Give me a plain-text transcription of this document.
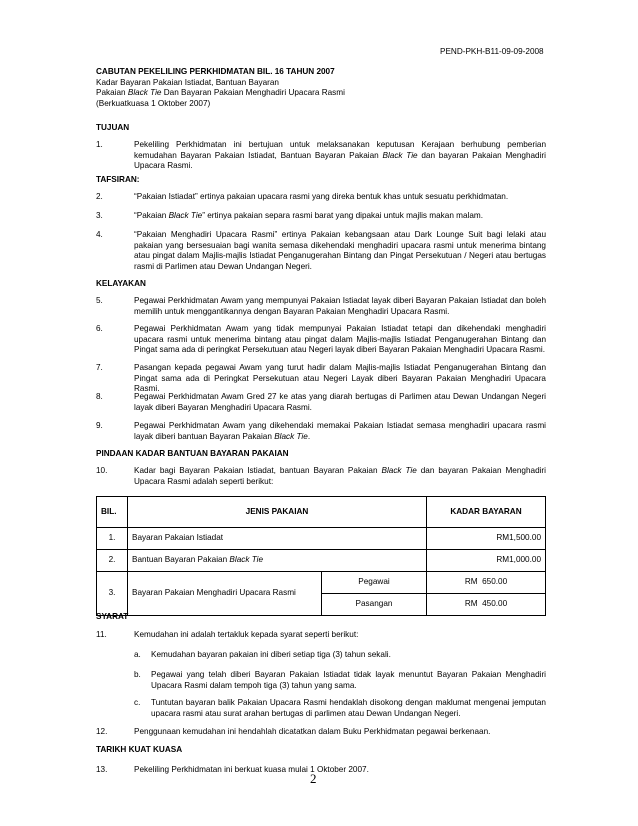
PEND-PKH-B11-09-09-2008
CABUTAN PEKELILING PERKHIDMATAN BIL. 16 TAHUN 2007
Kadar Bayaran Pakaian Istiadat, Bantuan Bayaran
Pakaian Black Tie Dan Bayaran Pakaian Menghadiri Upacara Rasmi
(Berkuatkuasa 1 Oktober 2007)
TUJUAN
1.	Pekeliling Perkhidmatan ini bertujuan untuk melaksanakan keputusan Kerajaan berhubung pemberian kemudahan Bayaran Pakaian Istiadat, Bantuan Bayaran Pakaian Black Tie dan bayaran Pakaian Menghadiri Upacara Rasmi.
TAFSIRAN:
2.	“Pakaian Istiadat” ertinya pakaian upacara rasmi yang direka bentuk khas untuk sesuatu perkhidmatan.
3.	“Pakaian Black Tie” ertinya pakaian separa rasmi barat yang dipakai untuk majlis makan malam.
4.	“Pakaian Menghadiri Upacara Rasmi” ertinya Pakaian kebangsaan atau Dark Lounge Suit bagi lelaki atau pakaian yang bersesuaian bagi wanita semasa dikehendaki menghadiri upacara rasmi untuk menerima bintang atau pingat dalam Majlis-majlis Istiadat Penganugerahan Bintang dan Pingat Persekutuan / Negeri atau bertugas rasmi di Parlimen atau Dewan Undangan Negeri.
KELAYAKAN
5.	Pegawai Perkhidmatan Awam yang mempunyai Pakaian Istiadat layak diberi Bayaran Pakaian Istiadat dan boleh memilih untuk menggantikannya dengan Bayaran Pakaian Menghadiri Upacara Rasmi.
6.	Pegawai Perkhidmatan Awam yang tidak mempunyai Pakaian Istiadat tetapi dan dikehendaki menghadiri upacara rasmi untuk menerima bintang atau pingat dalam Majlis-majlis Istiadat Penganugerahan Bintang dan Pingat sama ada di peringkat Persekutuan atau Negeri layak diberi Bayaran Pakaian Menghadiri Upacara Rasmi.
7.	Pasangan kepada pegawai Awam yang turut hadir dalam Majlis-majlis Istiadat Penganugerahan Bintang dan Pingat sama ada di Peringkat Persekutuan atau Negeri Layak diberi Bayaran Pakaian Menghadiri Upacara Rasmi.
8.	Pegawai Perkhidmatan Awam Gred 27 ke atas yang diarah bertugas di Parlimen atau Dewan Undangan Negeri layak diberi Bayaran Menghadiri Upacara Rasmi.
9.	Pegawai Perkhidmatan Awam yang dikehendaki memakai Pakaian Istiadat semasa menghadiri upacara rasmi layak diberi bantuan Bayaran Pakaian Black Tie.
PINDAAN KADAR BANTUAN BAYARAN PAKAIAN
10.	Kadar bagi Bayaran Pakaian Istiadat, bantuan Bayaran Pakaian Black Tie dan bayaran Pakaian Menghadiri Upacara Rasmi adalah seperti berikut:
BIL.	JENIS PAKAIAN		KADAR BAYARAN
1.	Bayaran Pakaian Istiadat		RM1,500.00
2.	Bantuan Bayaran Pakaian Black Tie		RM1,000.00
3.	Bayaran Pakaian Menghadiri Upacara Rasmi	Pegawai	RM  650.00
		Pasangan	RM  450.00
SYARAT
11.	Kemudahan ini adalah tertakluk kepada syarat seperti berikut:
a. Kemudahan bayaran pakaian ini diberi setiap tiga (3) tahun sekali.
b. Pegawai yang telah diberi Bayaran Pakaian Istiadat tidak layak menuntut Bayaran Pakaian Menghadiri Upacara Rasmi dalam tempoh tiga (3) tahun yang sama.
c. Tuntutan bayaran balik Pakaian Upacara Rasmi hendaklah disokong dengan maklumat mengenai jemputan upacara rasmi atau surat arahan bertugas di parlimen atau Dewan Undangan Negeri.
12.	Penggunaan kemudahan ini hendahlah dicatatkan dalam Buku Perkhidmatan pegawai berkenaan.
TARIKH KUAT KUASA
13.	Pekeliling Perkhidmatan ini berkuat kuasa mulai 1 Oktober 2007.
2
